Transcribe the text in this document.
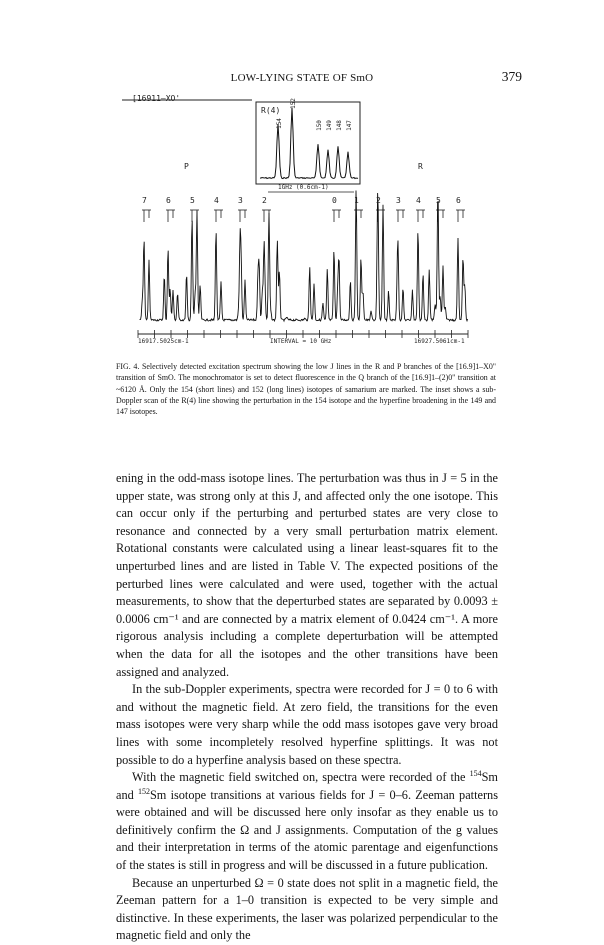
LOW-LYING STATE OF SmO	379
[16911—XO'
R(4)
154
152
150 149 148 147
1GHz (0.6cm-1)
P	R
7 6 5 4 3 2	0 1 2 3 4 5 6
16917.5025cm-1	INTERVAL = 10 GHz	16927.5061cm-1
FIG. 4. Selectively detected excitation spectrum showing the low J lines in the R and P branches of the [16.9]1–X0" transition of SmO. The monochromator is set to detect fluorescence in the Q branch of the [16.9]1–(2)0" transition at ~6120 Å. Only the 154 (short lines) and 152 (long lines) isotopes of samarium are marked. The inset shows a sub-Doppler scan of the R(4) line showing the perturbation in the 154 isotope and the hyperfine broadening in the 149 and 147 isotopes.

ening in the odd-mass isotope lines. The perturbation was thus in J = 5 in the upper state, was strong only at this J, and affected only the one isotope. This can occur only if the perturbing and perturbed states are very close to resonance and connected by a very small perturbation matrix element. Rotational constants were calculated using a linear least-squares fit to the unperturbed lines and are listed in Table V. The expected positions of the perturbed lines were calculated and were used, together with the actual measurements, to show that the deperturbed states are separated by 0.0093 ± 0.0006 cm⁻¹ and are connected by a matrix element of 0.0424 cm⁻¹. A more rigorous analysis including a complete deperturbation will be attempted when the data for all the isotopes and the other transitions have been assigned and analyzed.

In the sub-Doppler experiments, spectra were recorded for J = 0 to 6 with and without the magnetic field. At zero field, the transitions for the even mass isotopes were very sharp while the odd mass isotopes gave very broad lines with some incompletely resolved hyperfine splittings. It was not possible to do a hyperfine analysis based on these spectra.

With the magnetic field switched on, spectra were recorded of the $^{154}$Sm and $^{152}$Sm isotope transitions at various fields for J = 0–6. Zeeman patterns were obtained and will be discussed here only insofar as they enable us to definitively confirm the Ω and J assignments. Computation of the g values and their interpretation in terms of the atomic parentage and eigenfunctions of the states is still in progress and will be discussed in a future publication.

Because an unperturbed Ω = 0 state does not split in a magnetic field, the Zeeman pattern for a 1–0 transition is expected to be very simple and distinctive. In these experiments, the laser was polarized perpendicular to the magnetic field and only the
